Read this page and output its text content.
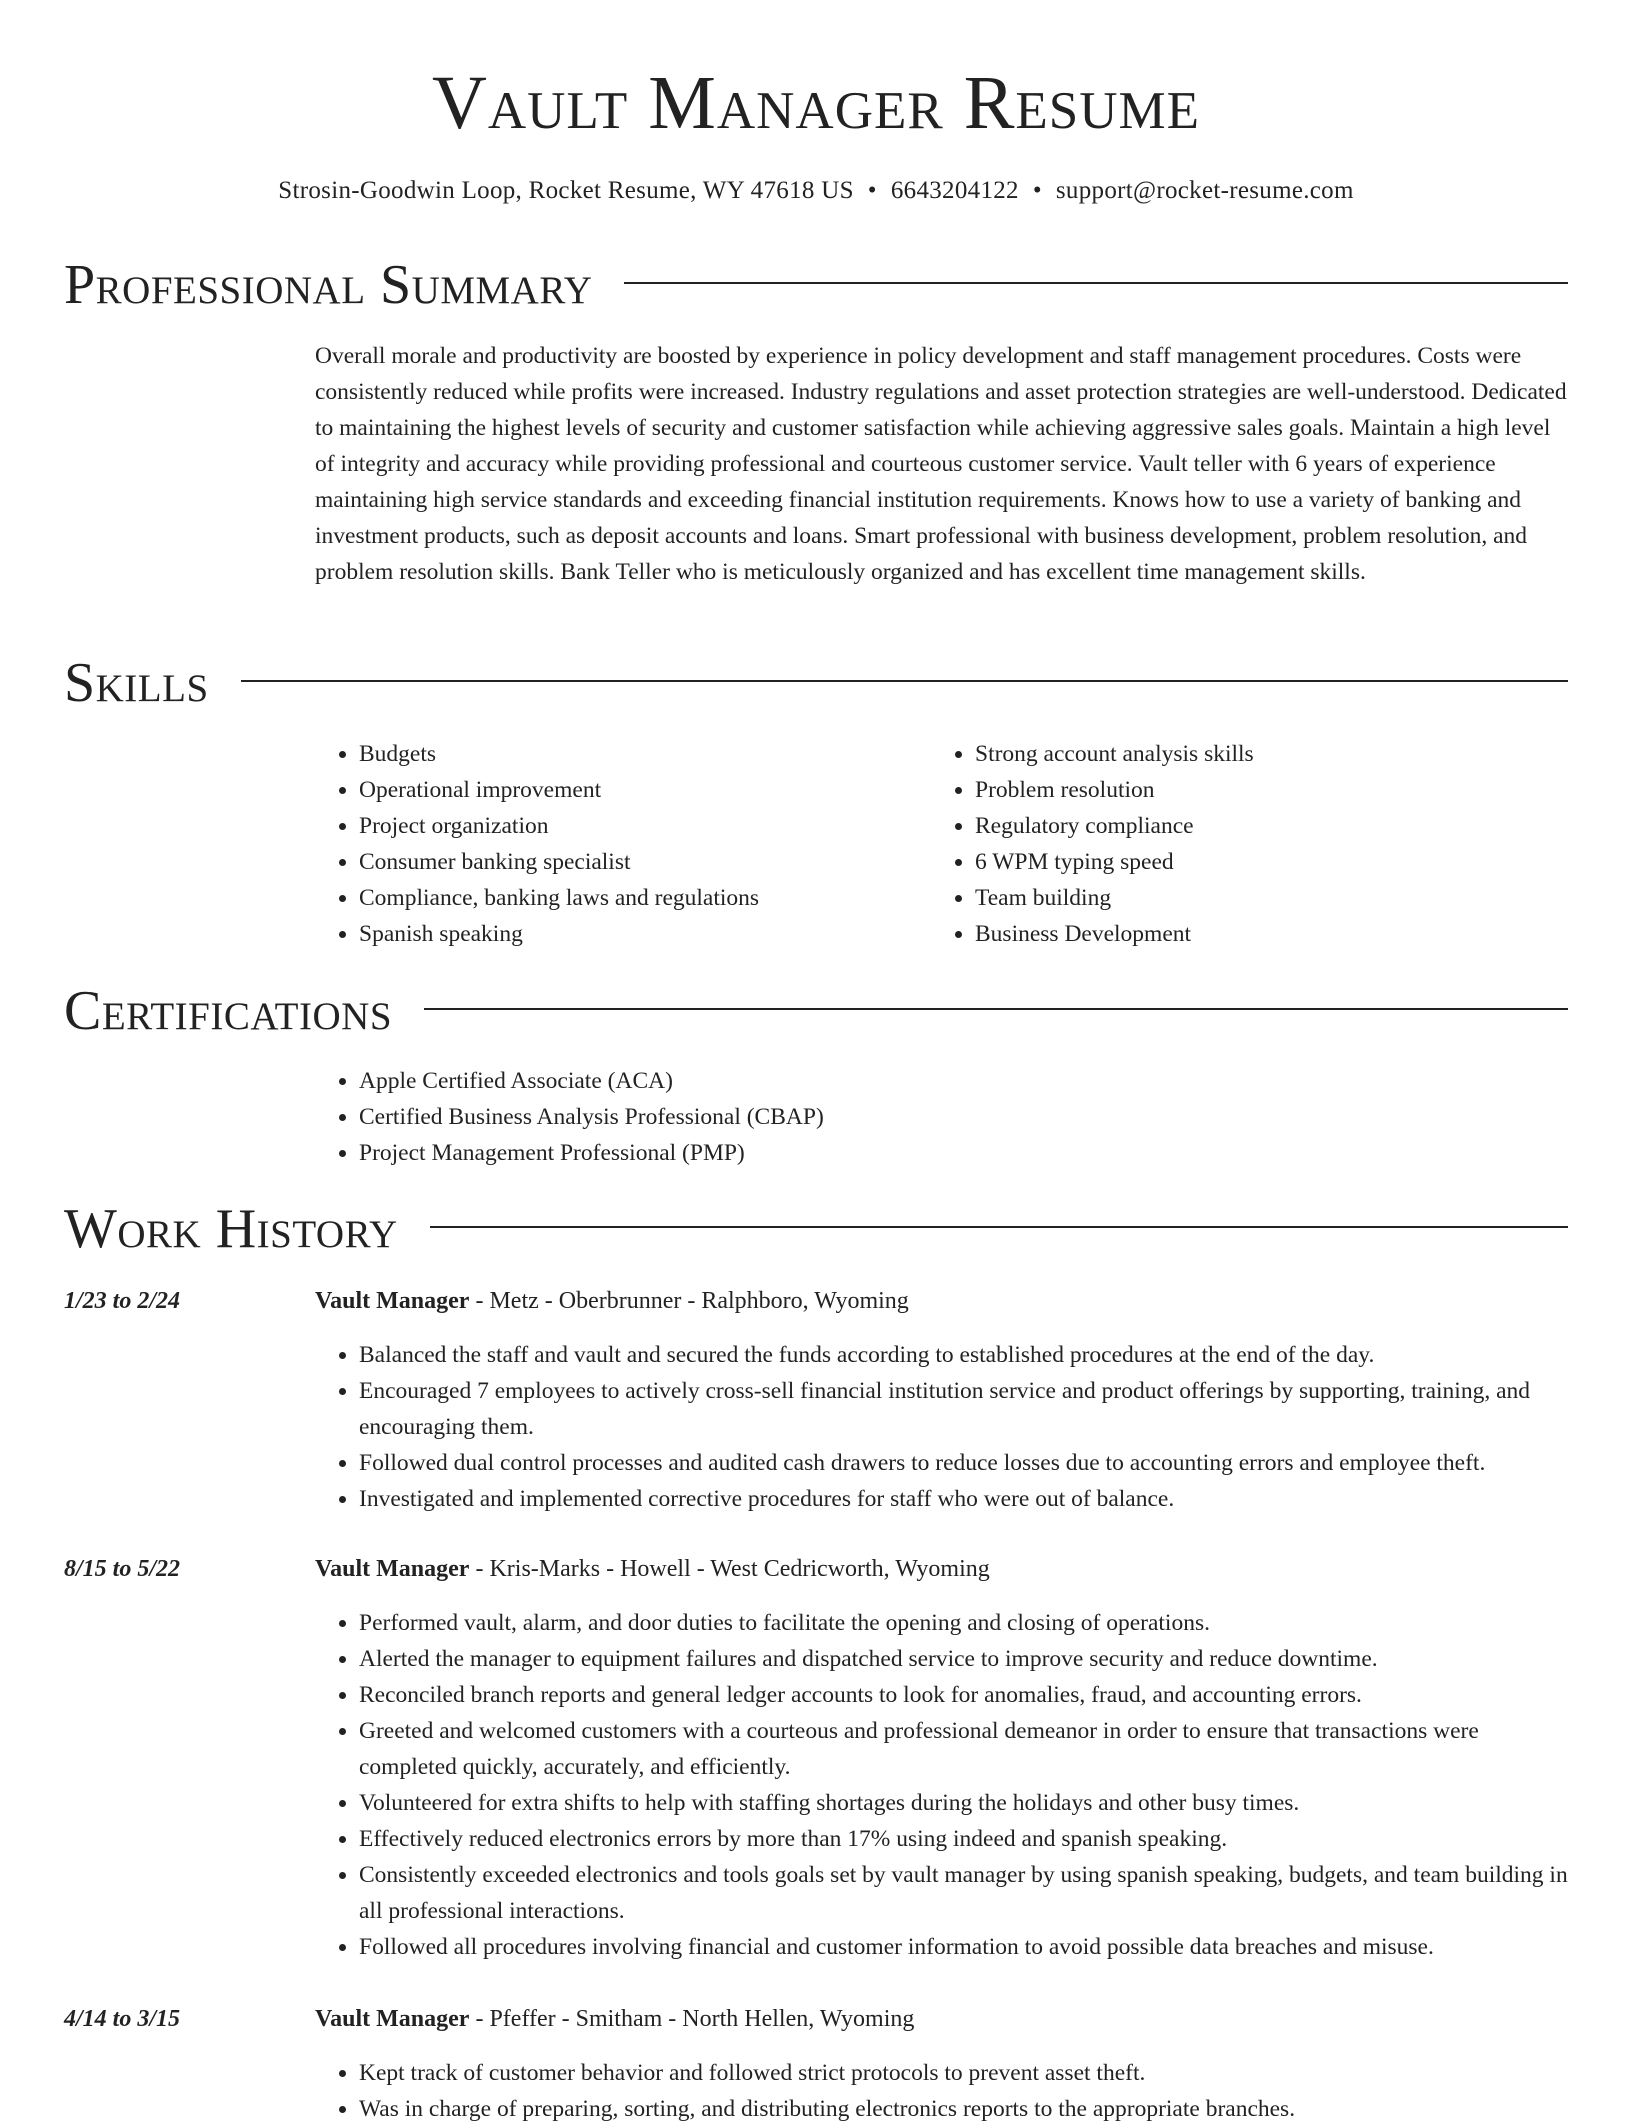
Vault Manager Resume
Strosin-Goodwin Loop, Rocket Resume, WY 47618 US • 6643204122 • support@rocket-resume.com
Professional Summary

Overall morale and productivity are boosted by experience in policy development and staff management procedures. Costs were consistently reduced while profits were increased. Industry regulations and asset protection strategies are well-understood. Dedicated to maintaining the highest levels of security and customer satisfaction while achieving aggressive sales goals. Maintain a high level of integrity and accuracy while providing professional and courteous customer service. Vault teller with 6 years of experience maintaining high service standards and exceeding financial institution requirements. Knows how to use a variety of banking and investment products, such as deposit accounts and loans. Smart professional with business development, problem resolution, and problem resolution skills. Bank Teller who is meticulously organized and has excellent time management skills.

Skills
• Budgets
• Operational improvement
• Project organization
• Consumer banking specialist
• Compliance, banking laws and regulations
• Spanish speaking
• Strong account analysis skills
• Problem resolution
• Regulatory compliance
• 6 WPM typing speed
• Team building
• Business Development
Certifications
• Apple Certified Associate (ACA)
• Certified Business Analysis Professional (CBAP)
• Project Management Professional (PMP)
Work History
1/23 to 2/24	Vault Manager - Metz - Oberbrunner - Ralphboro, Wyoming
• Balanced the staff and vault and secured the funds according to established procedures at the end of the day.
• Encouraged 7 employees to actively cross-sell financial institution service and product offerings by supporting, training, and encouraging them.
• Followed dual control processes and audited cash drawers to reduce losses due to accounting errors and employee theft.
• Investigated and implemented corrective procedures for staff who were out of balance.
8/15 to 5/22	Vault Manager - Kris-Marks - Howell - West Cedricworth, Wyoming
• Performed vault, alarm, and door duties to facilitate the opening and closing of operations.
• Alerted the manager to equipment failures and dispatched service to improve security and reduce downtime.
• Reconciled branch reports and general ledger accounts to look for anomalies, fraud, and accounting errors.
• Greeted and welcomed customers with a courteous and professional demeanor in order to ensure that transactions were completed quickly, accurately, and efficiently.
• Volunteered for extra shifts to help with staffing shortages during the holidays and other busy times.
• Effectively reduced electronics errors by more than 17% using indeed and spanish speaking.
• Consistently exceeded electronics and tools goals set by vault manager by using spanish speaking, budgets, and team building in all professional interactions.
• Followed all procedures involving financial and customer information to avoid possible data breaches and misuse.
4/14 to 3/15	Vault Manager - Pfeffer - Smitham - North Hellen, Wyoming
• Kept track of customer behavior and followed strict protocols to prevent asset theft.
• Was in charge of preparing, sorting, and distributing electronics reports to the appropriate branches.
